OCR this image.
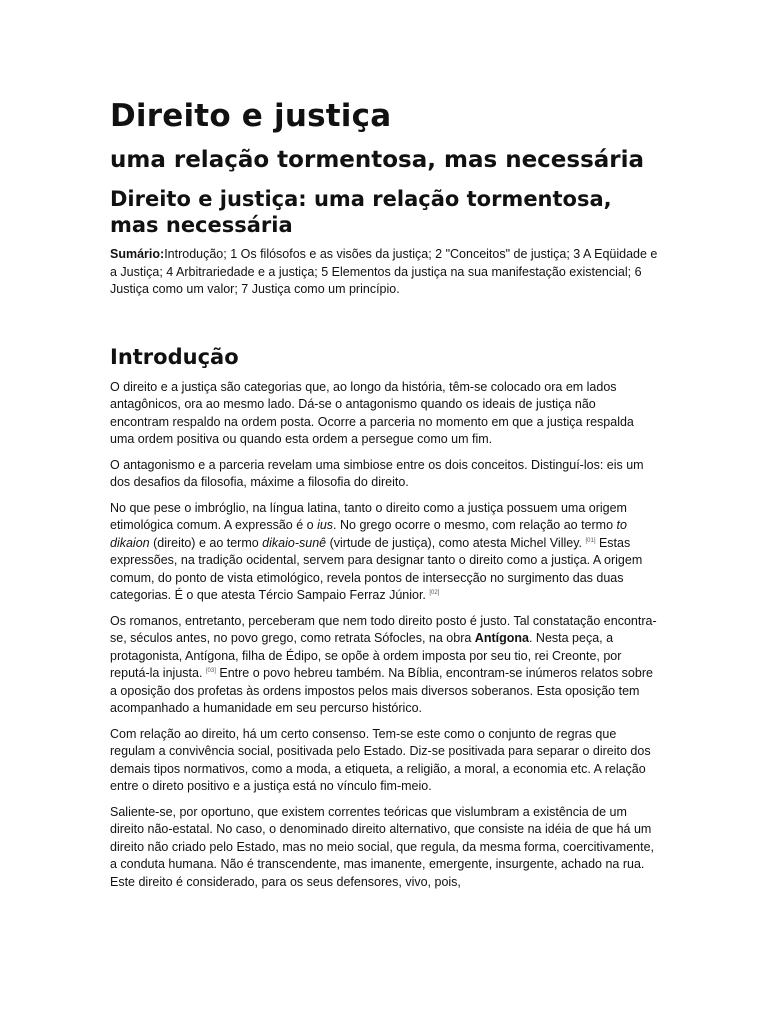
Direito e justiça
uma relação tormentosa, mas necessária
Direito e justiça: uma relação tormentosa, mas necessária

Sumário:Introdução; 1 Os filósofos e as visões da justiça; 2 "Conceitos" de justiça; 3 A Eqüidade e a Justiça; 4 Arbitrariedade e a justiça; 5 Elementos da justiça na sua manifestação existencial; 6 Justiça como um valor; 7 Justiça como um princípio.

Introdução

O direito e a justiça são categorias que, ao longo da história, têm-se colocado ora em lados antagônicos, ora ao mesmo lado. Dá-se o antagonismo quando os ideais de justiça não encontram respaldo na ordem posta. Ocorre a parceria no momento em que a justiça respalda uma ordem positiva ou quando esta ordem a persegue como um fim.

O antagonismo e a parceria revelam uma simbiose entre os dois conceitos. Distinguí-los: eis um dos desafios da filosofia, máxime a filosofia do direito.

No que pese o imbróglio, na língua latina, tanto o direito como a justiça possuem uma origem etimológica comum. A expressão é o ius. No grego ocorre o mesmo, com relação ao termo to dikaion (direito) e ao termo dikaio-sunê (virtude de justiça), como atesta Michel Villey. [01] Estas expressões, na tradição ocidental, servem para designar tanto o direito como a justiça. A origem comum, do ponto de vista etimológico, revela pontos de intersecção no surgimento das duas categorias. É o que atesta Tércio Sampaio Ferraz Júnior. [02]

Os romanos, entretanto, perceberam que nem todo direito posto é justo. Tal constatação encontra-se, séculos antes, no povo grego, como retrata Sófocles, na obra Antígona. Nesta peça, a protagonista, Antígona, filha de Édipo, se opõe à ordem imposta por seu tio, rei Creonte, por reputá-la injusta. [03] Entre o povo hebreu também. Na Bíblia, encontram-se inúmeros relatos sobre a oposição dos profetas às ordens impostos pelos mais diversos soberanos. Esta oposição tem acompanhado a humanidade em seu percurso histórico.

Com relação ao direito, há um certo consenso. Tem-se este como o conjunto de regras que regulam a convivência social, positivada pelo Estado. Diz-se positivada para separar o direito dos demais tipos normativos, como a moda, a etiqueta, a religião, a moral, a economia etc. A relação entre o direto positivo e a justiça está no vínculo fim-meio.

Saliente-se, por oportuno, que existem correntes teóricas que vislumbram a existência de um direito não-estatal. No caso, o denominado direito alternativo, que consiste na idéia de que há um direito não criado pelo Estado, mas no meio social, que regula, da mesma forma, coercitivamente, a conduta humana. Não é transcendente, mas imanente, emergente, insurgente, achado na rua. Este direito é considerado, para os seus defensores, vivo, pois,
